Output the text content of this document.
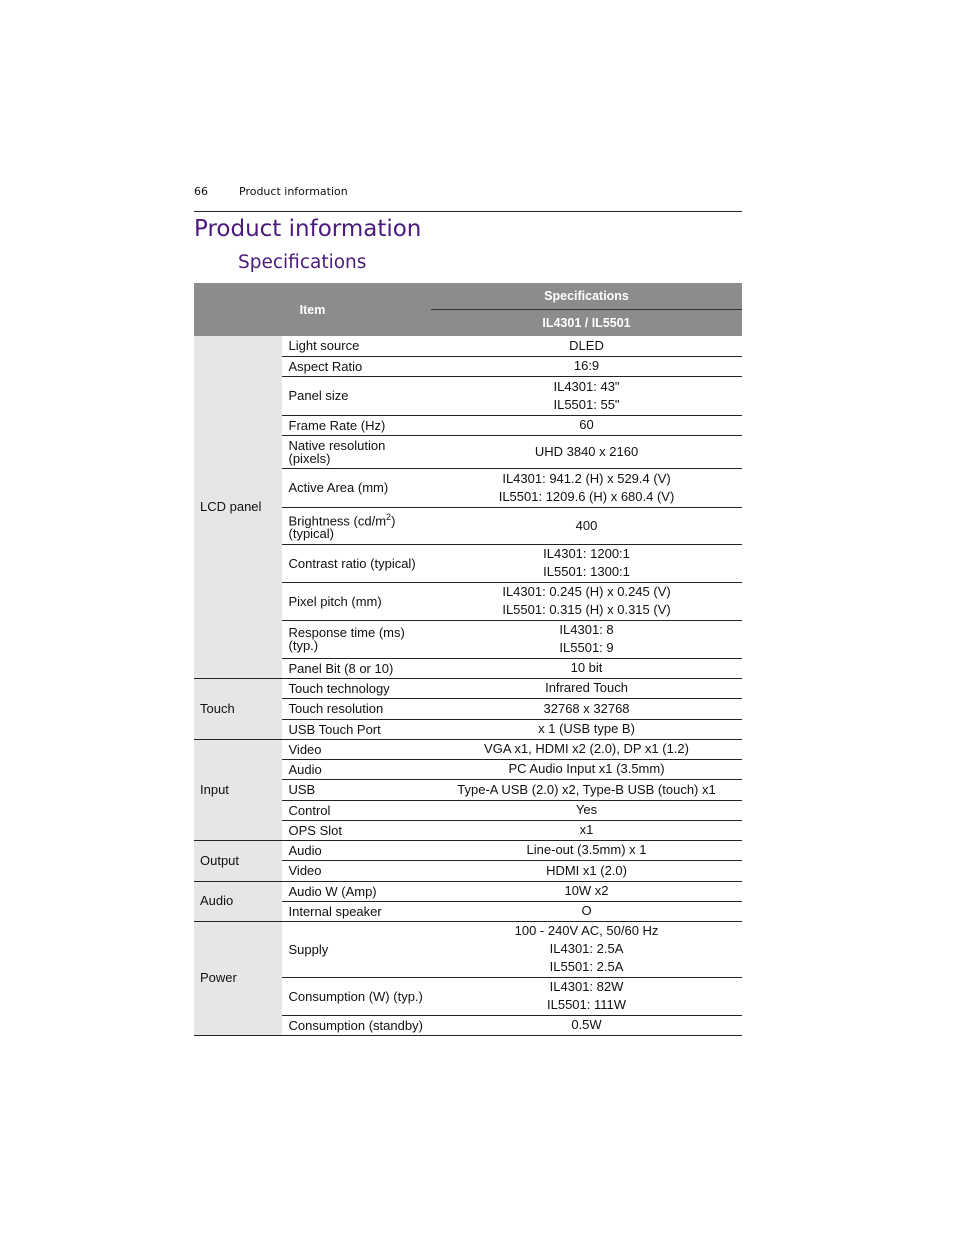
66	Product information
Product information
Specifications
Item		Specifications
		IL4301 / IL5501
LCD panel	Light source	DLED

	Aspect Ratio	16:9

	Panel size	IL4301: 43"
IL5501: 55"

	Frame Rate (Hz)	60

	Native resolution (pixels)	UHD 3840 x 2160

	Active Area (mm)	IL4301: 941.2 (H) x 529.4 (V)
IL5501: 1209.6 (H) x 680.4 (V)

	Brightness $(cd/m^2)$ (typical)	400

	Contrast ratio (typical)	IL4301: 1200:1
IL5501: 1300:1

	Pixel pitch (mm)	IL4301: 0.245 (H) x 0.245 (V)
IL5501: 0.315 (H) x 0.315 (V)

	Response time (ms) (typ.)	IL4301: 8
IL5501: 9

	Panel Bit (8 or 10)	10 bit

Touch	Touch technology	Infrared Touch

	Touch resolution	32768 x 32768

	USB Touch Port	x 1 (USB type B)

Input	Video	VGA x1, HDMI x2 (2.0), DP x1 (1.2)

	Audio	PC Audio Input x1 (3.5mm)

	USB	Type-A USB (2.0) x2, Type-B USB (touch) x1

	Control	Yes

	OPS Slot	x1

Output	Audio	Line-out (3.5mm) x 1

	Video	HDMI x1 (2.0)

Audio	Audio W (Amp)	10W x2

	Internal speaker	O

Power	Supply	100 - 240V AC, 50/60 Hz
IL4301: 2.5A
IL5501: 2.5A

	Consumption (W) (typ.)	IL4301: 82W
IL5501: 111W

	Consumption (standby)	0.5W
